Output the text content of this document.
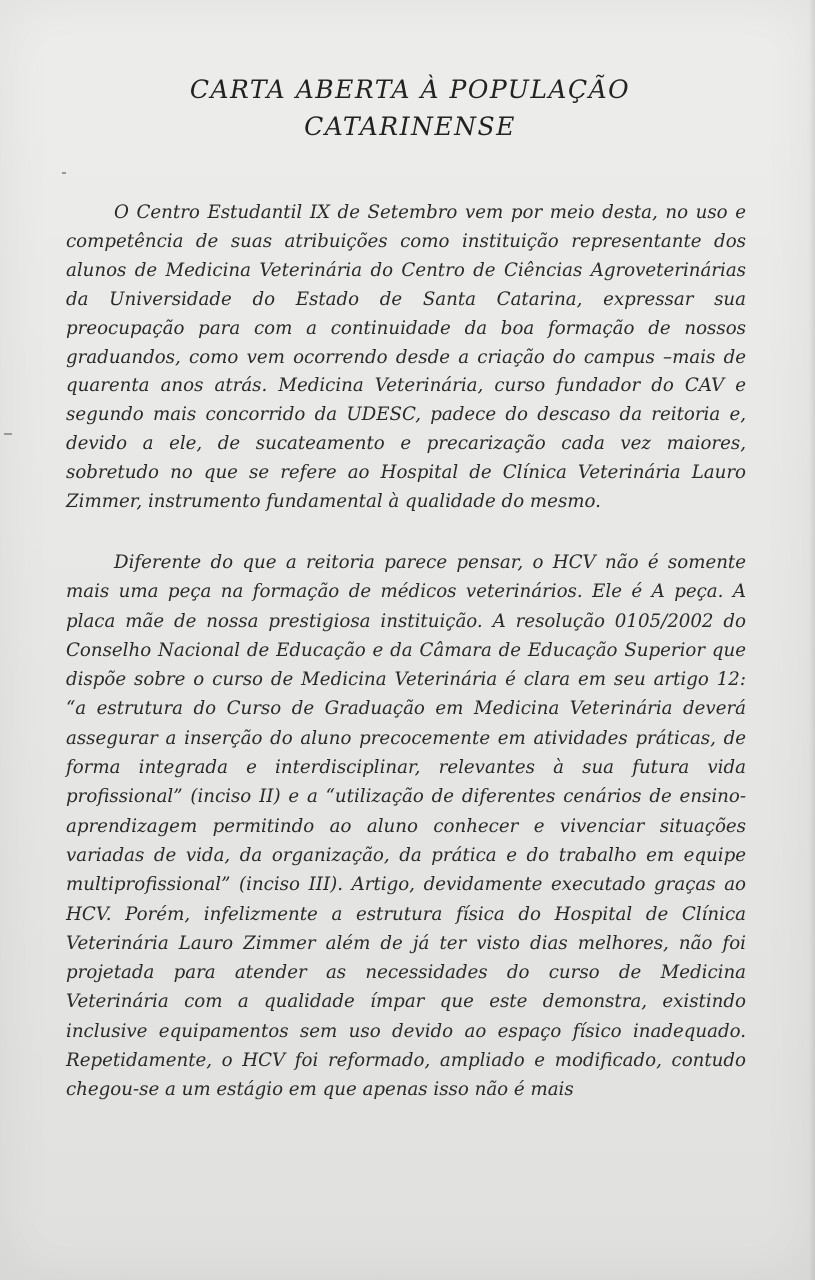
CARTA ABERTA À POPULAÇÃO
CATARINENSE

O Centro Estudantil IX de Setembro vem por meio desta, no uso e competência de suas atribuições como instituição representante dos alunos de Medicina Veterinária do Centro de Ciências Agroveterinárias da Universidade do Estado de Santa Catarina, expressar sua preocupação para com a continuidade da boa formação de nossos graduandos, como vem ocorrendo desde a criação do campus –mais de quarenta anos atrás. Medicina Veterinária, curso fundador do CAV e segundo mais concorrido da UDESC, padece do descaso da reitoria e, devido a ele, de sucateamento e precarização cada vez maiores, sobretudo no que se refere ao Hospital de Clínica Veterinária Lauro Zimmer, instrumento fundamental à qualidade do mesmo.

Diferente do que a reitoria parece pensar, o HCV não é somente mais uma peça na formação de médicos veterinários. Ele é A peça. A placa mãe de nossa prestigiosa instituição. A resolução 0105/2002 do Conselho Nacional de Educação e da Câmara de Educação Superior que dispõe sobre o curso de Medicina Veterinária é clara em seu artigo 12: “a estrutura do Curso de Graduação em Medicina Veterinária deverá assegurar a inserção do aluno precocemente em atividades práticas, de forma integrada e interdisciplinar, relevantes à sua futura vida profissional” (inciso II) e a “utilização de diferentes cenários de ensino-aprendizagem permitindo ao aluno conhecer e vivenciar situações variadas de vida, da organização, da prática e do trabalho em equipe multiprofissional” (inciso III). Artigo, devidamente executado graças ao HCV. Porém, infelizmente a estrutura física do Hospital de Clínica Veterinária Lauro Zimmer além de já ter visto dias melhores, não foi projetada para atender as necessidades do curso de Medicina Veterinária com a qualidade ímpar que este demonstra, existindo inclusive equipamentos sem uso devido ao espaço físico inadequado. Repetidamente, o HCV foi reformado, ampliado e modificado, contudo chegou-se a um estágio em que apenas isso não é mais
